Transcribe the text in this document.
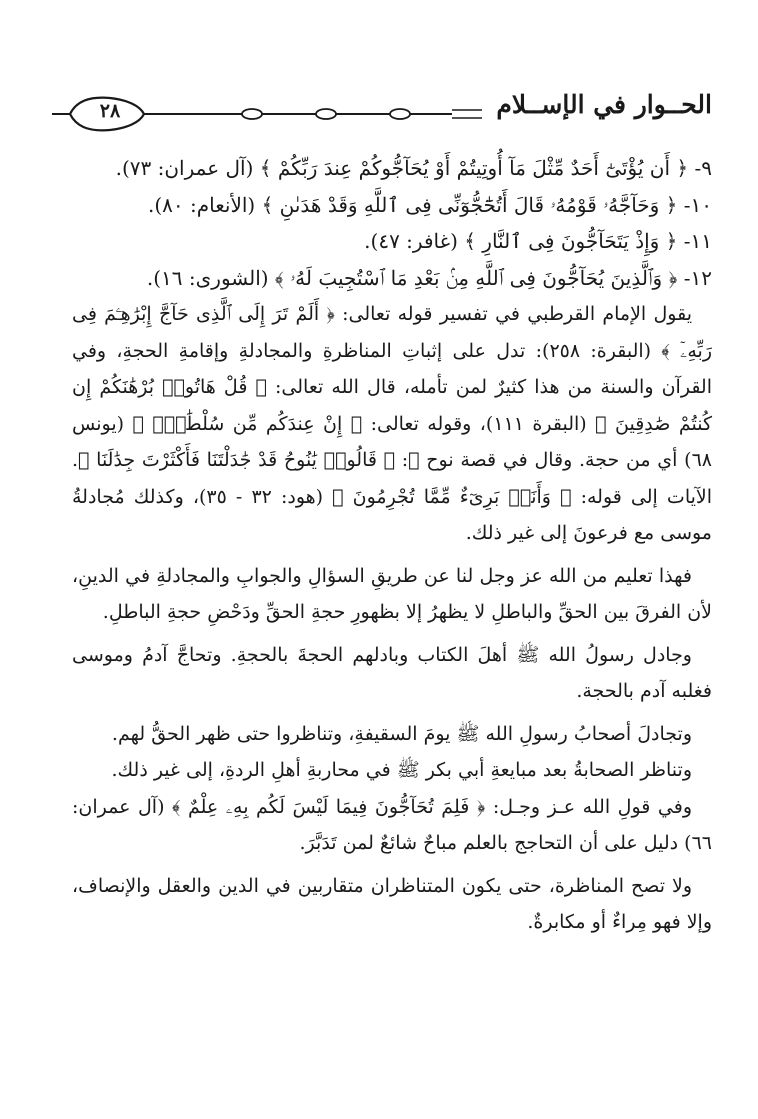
٢٨	الحــوار في الإســلام

٩- ﴿ أَن يُؤْتَىٰٓ أَحَدٌ مِّثْلَ مَآ أُوتِيتُمْ أَوْ يُحَآجُّوكُمْ عِندَ رَبِّكُمْ ﴾ (آل عمران: ٧٣).

١٠- ﴿ وَحَآجَّهُۥ قَوْمُهُۥ قَالَ أَتُحَٰٓجُّوٓنِّى فِى ٱللَّهِ وَقَدْ هَدَىٰنِ ﴾ (الأنعام: ٨٠).

١١- ﴿ وَإِذْ يَتَحَآجُّونَ فِى ٱلنَّارِ ﴾ (غافر: ٤٧).

١٢- ﴿ وَٱلَّذِينَ يُحَآجُّونَ فِى ٱللَّهِ مِنۢ بَعْدِ مَا ٱسْتُجِيبَ لَهُۥ ﴾ (الشورى: ١٦).

يقول الإمام القرطبي في تفسير قوله تعالى: ﴿ أَلَمْ تَرَ إِلَى ٱلَّذِى حَآجَّ إِبْرَٰهِـۧمَ فِى رَبِّهِۦٓ ﴾ (البقرة: ٢٥٨): تدل على إثباتِ المناظرةِ والمجادلةِ وإقامةِ الحجةِ، وفي القرآن والسنة من هذا كثيرٌ لمن تأمله، قال الله تعالى: ﴿ قُلْ هَاتُوا۟ بُرْهَٰنَكُمْ إِن كُنتُمْ صَٰدِقِينَ ﴾ (البقرة ١١١)، وقوله تعالى: ﴿ إِنْ عِندَكُم مِّن سُلْطَٰنٍۭ ﴾ (يونس ٦٨) أي من حجة. وقال في قصة نوح ﷺ: ﴿ قَالُوا۟ يَٰنُوحُ قَدْ جَٰدَلْتَنَا فَأَكْثَرْتَ جِدَٰلَنَا ﴾. الآيات إلى قوله: ﴿ وَأَنَا۠ بَرِىٓءٌ مِّمَّا تُجْرِمُونَ ﴾ (هود: ٣٢ - ٣٥)، وكذلك مُجادلةُ موسى مع فرعونَ إلى غير ذلك.

فهذا تعليم من الله عز وجل لنا عن طريقِ السؤالِ والجوابِ والمجادلةِ في الدينِ، لأن الفرقَ بين الحقِّ والباطلِ لا يظهرُ إلا بظهورِ حجةِ الحقِّ ودَحْضِ حجةِ الباطلِ.

وجادل رسولُ الله ﷺ أهلَ الكتاب وبادلهم الحجةَ بالحجةِ. وتحاجَّ آدمُ وموسى فغلبه آدم بالحجة.

وتجادلَ أصحابُ رسولِ الله ﷺ يومَ السقيفةِ، وتناظروا حتى ظهر الحقُّ لهم.

وتناظر الصحابةُ بعد مبايعةِ أبي بكر ﷺ في محاربةِ أهلِ الردةِ، إلى غير ذلك.

وفي قولِ الله عـز وجـل: ﴿ فَلِمَ تُحَآجُّونَ فِيمَا لَيْسَ لَكُم بِهِۦ عِلْمٌ ﴾ (آل عمران: ٦٦) دليل على أن التحاجج بالعلم مباحٌ شائعٌ لمن تَدَبَّرَ.

ولا تصح المناظرة، حتى يكون المتناظران متقاربين في الدين والعقل والإنصاف، وإلا فهو مِراءٌ أو مكابرةٌ.
